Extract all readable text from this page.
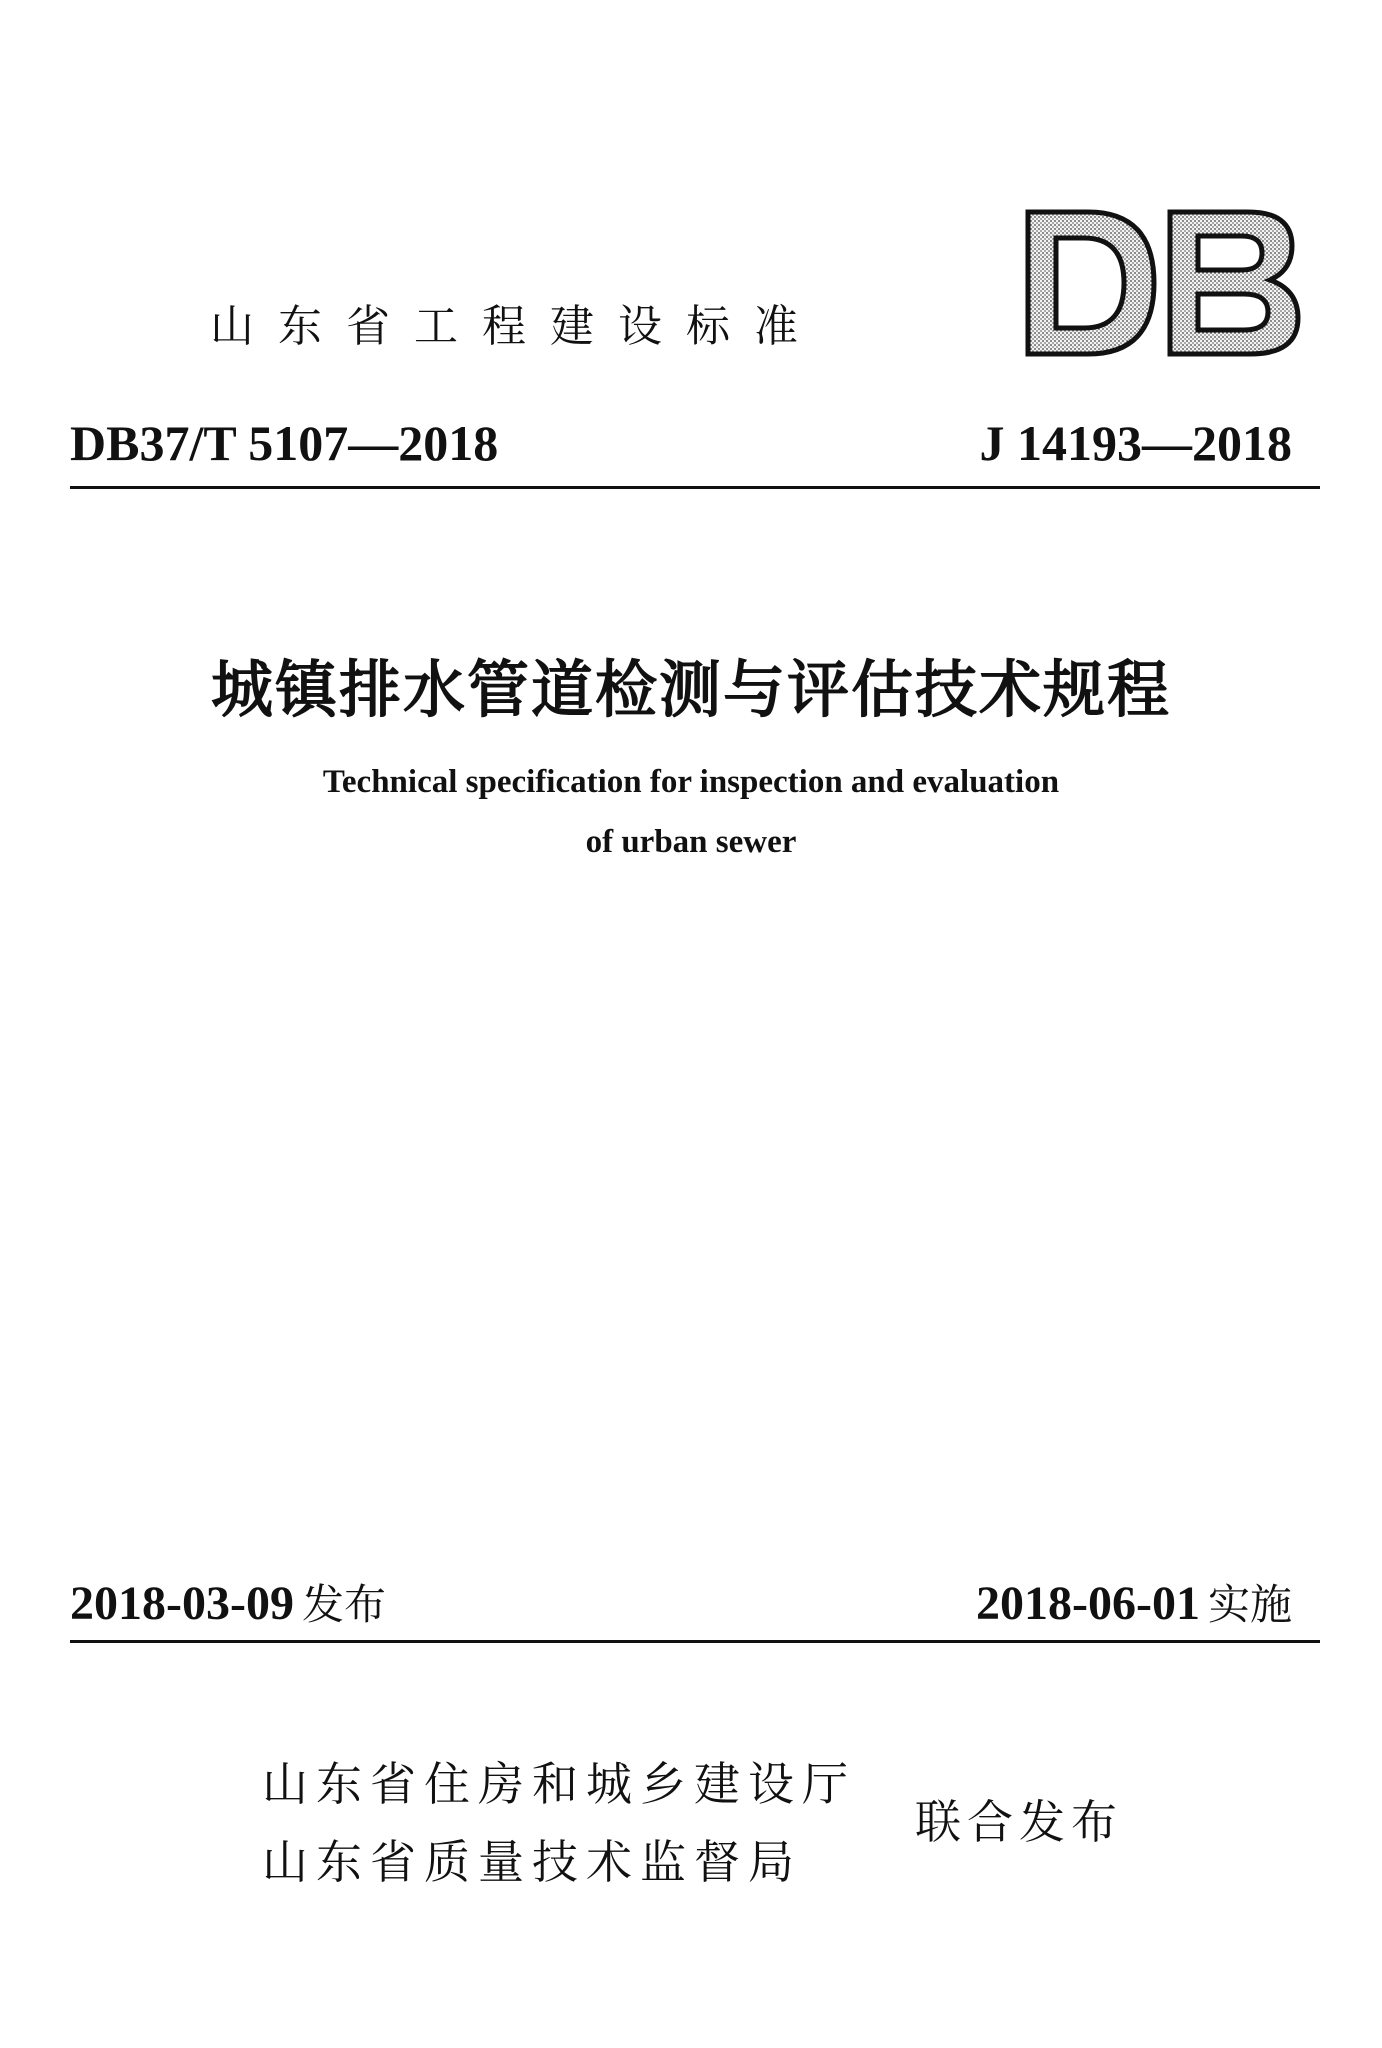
山东省工程建设标准
DB37/T 5107—2018	J 14193—2018
城镇排水管道检测与评估技术规程
Technical specification for inspection and evaluation
of urban sewer
2018-03-09 发布	2018-06-01 实施
山东省住房和城乡建设厅
山东省质量技术监督局
联合发布
